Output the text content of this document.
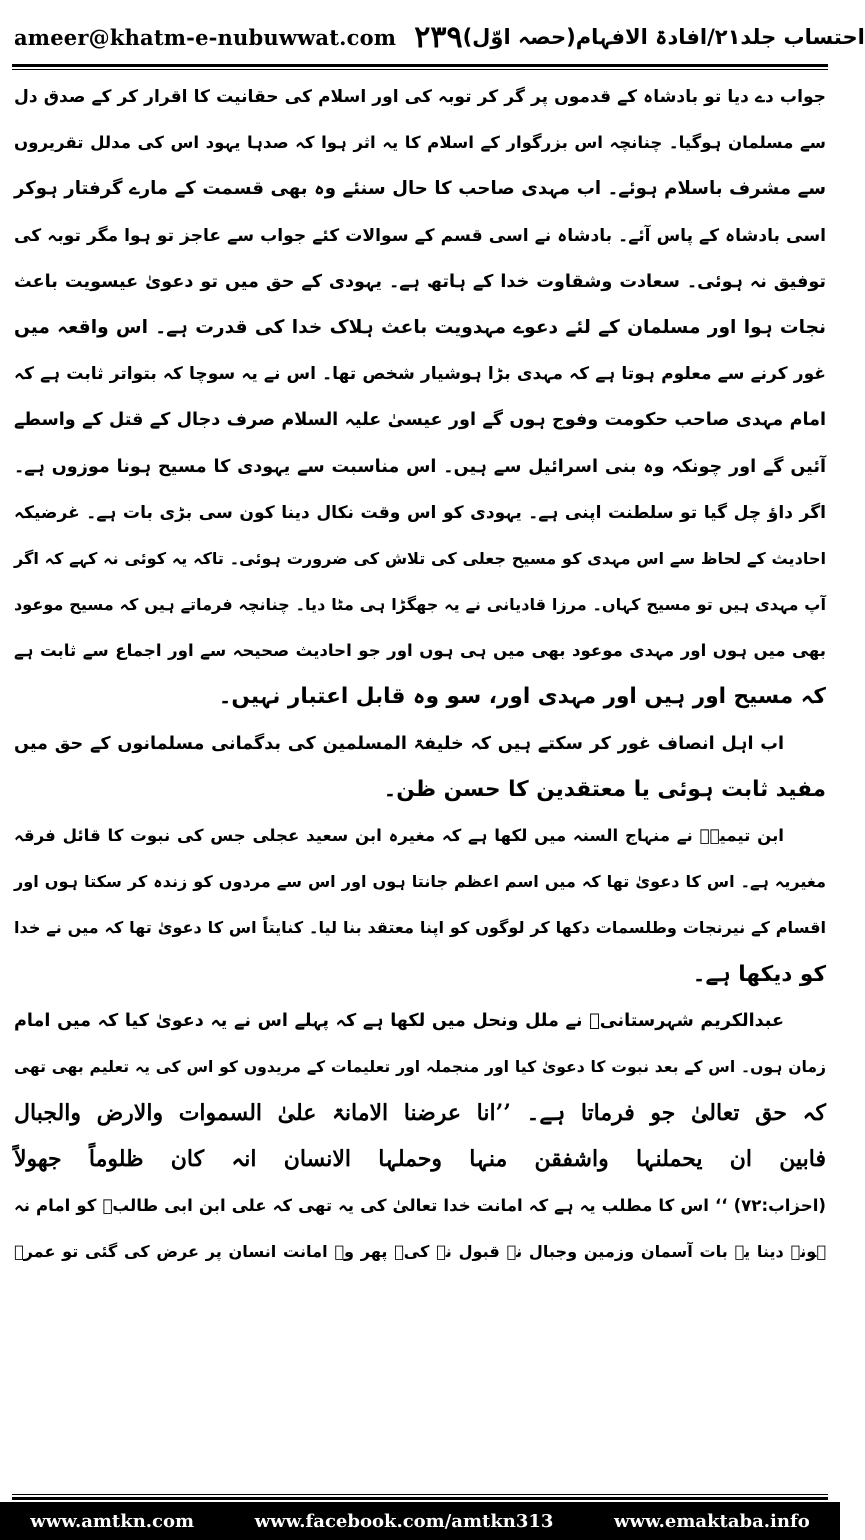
ameer@khatm-e-nubuwwat.com ۲۳۹ احتساب جلد۲۱/افادۃ الافہام(حصہ اوّل)
جواب دے دیا تو بادشاہ کے قدموں پر گر کر توبہ کی اور اسلام کی حقانیت کا اقرار کر کے صدق دل
سے مسلمان ہوگیا۔ چنانچہ اس بزرگوار کے اسلام کا یہ اثر ہوا کہ صدہا یہود اس کی مدلل تقریروں
سے مشرف باسلام ہوئے۔ اب مہدی صاحب کا حال سنئے وہ بھی قسمت کے مارے گرفتار ہوکر
اسی بادشاہ کے پاس آئے۔ بادشاہ نے اسی قسم کے سوالات کئے جواب سے عاجز تو ہوا مگر توبہ کی
توفیق نہ ہوئی۔ سعادت وشقاوت خدا کے ہاتھ ہے۔ یہودی کے حق میں تو دعویٰ عیسویت باعث
نجات ہوا اور مسلمان کے لئے دعوے مہدویت باعث ہلاک خدا کی قدرت ہے۔ اس واقعہ میں
غور کرنے سے معلوم ہوتا ہے کہ مہدی بڑا ہوشیار شخص تھا۔ اس نے یہ سوچا کہ بتواتر ثابت ہے کہ
امام مہدی صاحب حکومت وفوج ہوں گے اور عیسیٰ علیہ السلام صرف دجال کے قتل کے واسطے
آئیں گے اور چونکہ وہ بنی اسرائیل سے ہیں۔ اس مناسبت سے یہودی کا مسیح ہونا موزوں ہے۔
اگر داؤ چل گیا تو سلطنت اپنی ہے۔ یہودی کو اس وقت نکال دینا کون سی بڑی بات ہے۔ غرضیکہ
احادیث کے لحاظ سے اس مہدی کو مسیح جعلی کی تلاش کی ضرورت ہوئی۔ تاکہ یہ کوئی نہ کہے کہ اگر
آپ مہدی ہیں تو مسیح کہاں۔ مرزا قادیانی نے یہ جھگڑا ہی مٹا دیا۔ چنانچہ فرماتے ہیں کہ مسیح موعود
بھی میں ہوں اور مہدی موعود بھی میں ہی ہوں اور جو احادیث صحیحہ سے اور اجماع سے ثابت ہے
کہ مسیح اور ہیں اور مہدی اور، سو وہ قابل اعتبار نہیں۔
اب اہل انصاف غور کر سکتے ہیں کہ خلیفۃ المسلمین کی بدگمانی مسلمانوں کے حق میں
مفید ثابت ہوئی یا معتقدین کا حسن ظن۔
ابن تیمیہؒ نے منہاج السنہ میں لکھا ہے کہ مغیرہ ابن سعید عجلی جس کی نبوت کا قائل فرقہ
مغیریہ ہے۔ اس کا دعویٰ تھا کہ میں اسم اعظم جانتا ہوں اور اس سے مردوں کو زندہ کر سکتا ہوں اور
اقسام کے نیرنجات وطلسمات دکھا کر لوگوں کو اپنا معتقد بنا لیا۔ کنایتاً اس کا دعویٰ تھا کہ میں نے خدا
کو دیکھا ہے۔
عبدالکریم شہرستانیؒ نے ملل ونحل میں لکھا ہے کہ پہلے اس نے یہ دعویٰ کیا کہ میں امام
زمان ہوں۔ اس کے بعد نبوت کا دعویٰ کیا اور منجملہ اور تعلیمات کے مریدوں کو اس کی یہ تعلیم بھی تھی
کہ حق تعالیٰ جو فرماتا ہے۔ ’’انا عرضنا الامانۃ علیٰ السموات والارض والجبال
فابین ان یحملنہا واشفقن منہا وحملہا الانسان انہ کان ظلوماً جھولاً
(احزاب:۷۲) ‘‘ اس کا مطلب یہ ہے کہ امانت خدا تعالیٰ کی یہ تھی کہ علی ابن ابی طالبؓ کو امام نہ
ہونے دینا یہ بات آسمان وزمین وجبال نے قبول نہ کی۔ پھر وہ امانت انسان پر عرض کی گئی تو عمرؓ
www.amtkn.com	www.facebook.com/amtkn313	www.emaktaba.info
